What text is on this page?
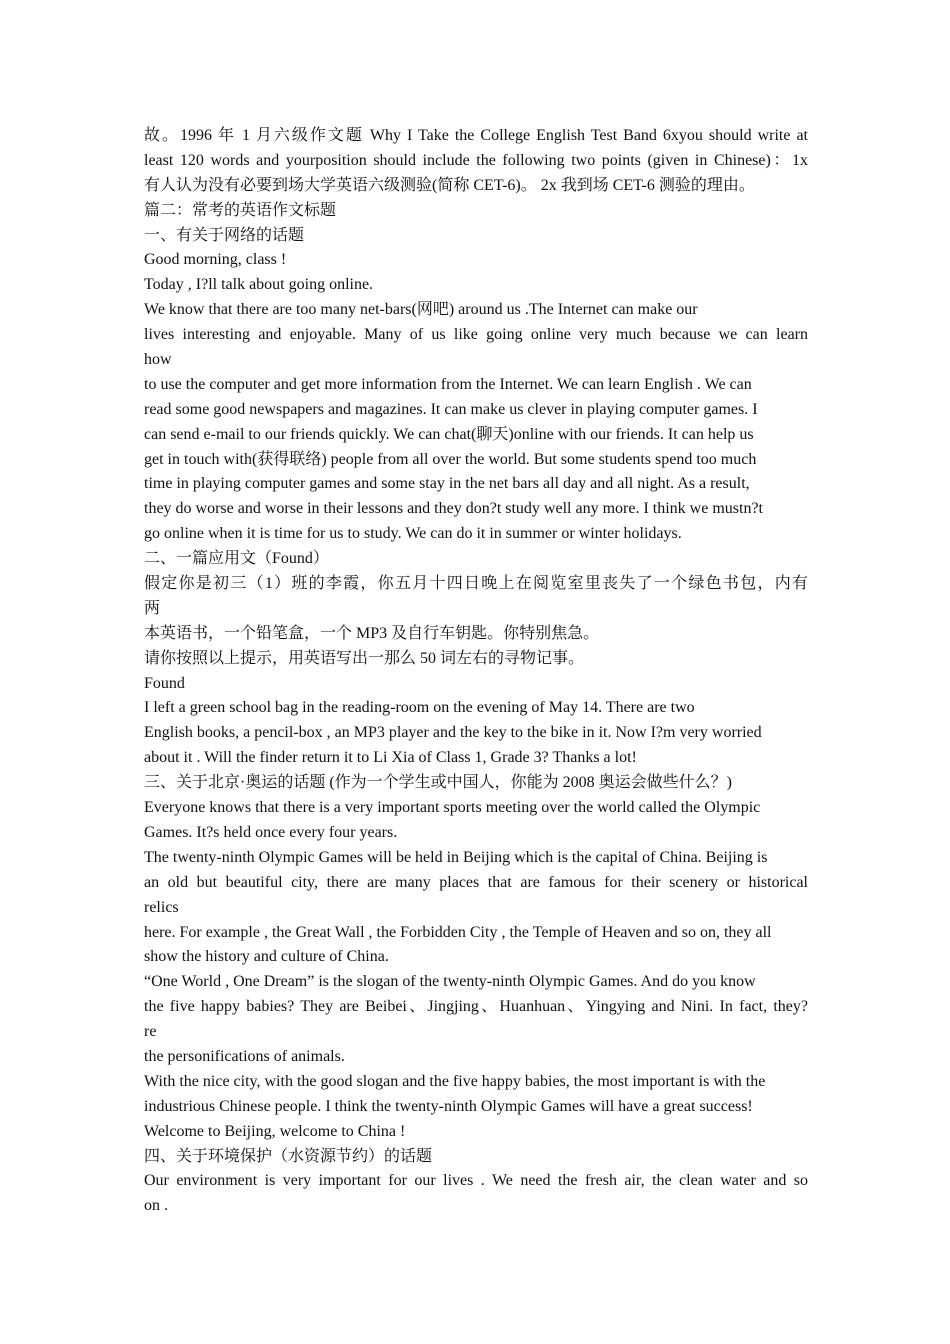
故。1996 年 1 月六级作文题 Why I Take the College English Test Band 6xyou should write at
least 120 words and yourposition should include the following two points (given in Chinese)：1x
有人认为没有必要到场大学英语六级测验(简称 CET-6)。 2x 我到场 CET-6 测验的理由。
篇二：常考的英语作文标题
一、有关于网络的话题
Good morning, class !
Today , I?ll talk about going online.
We know that there are too many net-bars(网吧) around us .The Internet can make our
lives interesting and enjoyable. Many of us like going online very much because we can learn
how
to use the computer and get more information from the Internet. We can learn English . We can
read some good newspapers and magazines. It can make us clever in playing computer games. I
can send e-mail to our friends quickly. We can chat(聊天)online with our friends. It can help us
get in touch with(获得联络) people from all over the world. But some students spend too much
time in playing computer games and some stay in the net bars all day and all night. As a result,
they do worse and worse in their lessons and they don?t study well any more. I think we mustn?t
go online when it is time for us to study. We can do it in summer or winter holidays.
二、一篇应用文（Found）
假定你是初三（1）班的李霞，你五月十四日晚上在阅览室里丧失了一个绿色书包，内有
两
本英语书，一个铅笔盒，一个 MP3 及自行车钥匙。你特别焦急。
请你按照以上提示，用英语写出一那么 50 词左右的寻物记事。
Found
I left a green school bag in the reading-room on the evening of May 14. There are two
English books, a pencil-box , an MP3 player and the key to the bike in it. Now I?m very worried
about it . Will the finder return it to Li Xia of Class 1, Grade 3? Thanks a lot!
三、关于北京·奥运的话题 (作为一个学生或中国人，你能为 2008 奥运会做些什么？)
Everyone knows that there is a very important sports meeting over the world called the Olympic
Games. It?s held once every four years.
The twenty-ninth Olympic Games will be held in Beijing which is the capital of China. Beijing is
an old but beautiful city, there are many places that are famous for their scenery or historical
relics
here. For example , the Great Wall , the Forbidden City , the Temple of Heaven and so on, they all
show the history and culture of China.
“One World , One Dream” is the slogan of the twenty-ninth Olympic Games. And do you know
the five happy babies? They are Beibei、Jingjing、Huanhuan、Yingying and Nini. In fact, they?
re
the personifications of animals.
With the nice city, with the good slogan and the five happy babies, the most important is with the
industrious Chinese people. I think the twenty-ninth Olympic Games will have a great success!
Welcome to Beijing, welcome to China !
四、关于环境保护（水资源节约）的话题
Our environment is very important for our lives . We need the fresh air, the clean water and so
on .
